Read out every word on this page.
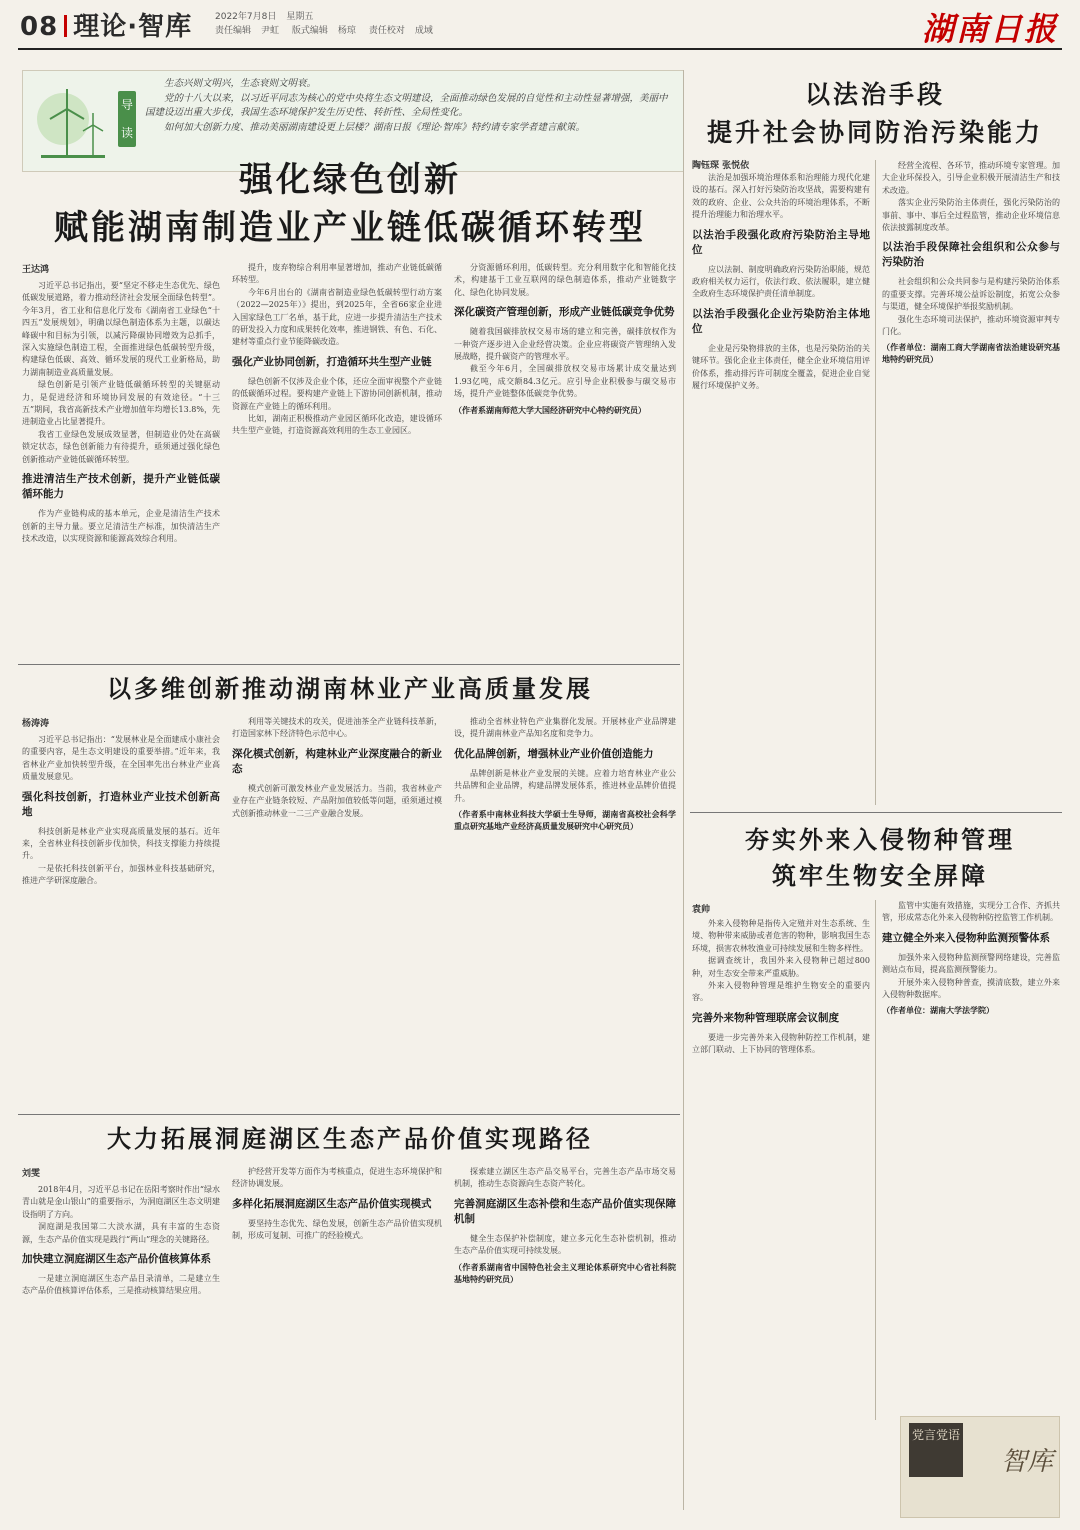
08 理论·智库	2022年7月8日 星期五
责任编辑 尹虹 版式编辑 杨琼 责任校对 成域	湖南日报
导读

生态兴则文明兴，生态衰则文明衰。

党的十八大以来，以习近平同志为核心的党中央将生态文明建设，全面推动绿色发展的自觉性和主动性显著增强，美丽中国建设迈出重大步伐，我国生态环境保护发生历史性、转折性、全局性变化。

如何加大创新力度、推动美丽湖南建设更上层楼？湖南日报《理论·智库》特约请专家学者建言献策。

以法治手段
提升社会协同防治污染能力
陶钰琛 张悦依

法治是加强环境治理体系和治理能力现代化建设的基石。深入打好污染防治攻坚战，需要构建有效的政府、企业、公众共治的环境治理体系，不断提升治理能力和治理水平。

以法治手段强化政府污染防治主导地位

应以法制、制度明确政府污染防治职能，规范政府相关权力运行，依法行政、依法履职，建立健全政府生态环境保护责任清单制度。

以法治手段强化企业污染防治主体地位

企业是污染物排放的主体，也是污染防治的关键环节。强化企业主体责任，健全企业环境信用评价体系，推动排污许可制度全覆盖，促进企业自觉履行环境保护义务。

经营全流程、各环节，推动环境专家管理。加大企业环保投入，引导企业积极开展清洁生产和技术改造。

落实企业污染防治主体责任，强化污染防治的事前、事中、事后全过程监管，推动企业环境信息依法披露制度改革。

以法治手段保障社会组织和公众参与污染防治

社会组织和公众共同参与是构建污染防治体系的重要支撑。完善环境公益诉讼制度，拓宽公众参与渠道，健全环境保护举报奖励机制。

强化生态环境司法保护，推动环境资源审判专门化。

（作者单位：湖南工商大学湖南省法治建设研究基地特约研究员）
强化绿色创新
赋能湖南制造业产业链低碳循环转型
王达鸿

习近平总书记指出，要“坚定不移走生态优先、绿色低碳发展道路，着力推动经济社会发展全面绿色转型”。今年3月，省工业和信息化厅发布《湖南省工业绿色“十四五”发展规划》，明确以绿色制造体系为主题，以碳达峰碳中和目标为引领，以减污降碳协同增效为总抓手，深入实施绿色制造工程，全面推进绿色低碳转型升级，构建绿色低碳、高效、循环发展的现代工业新格局，助力湖南制造业高质量发展。

绿色创新是引领产业链低碳循环转型的关键驱动力，是促进经济和环境协同发展的有效途径。“十三五”期间，我省高新技术产业增加值年均增长13.8%，先进制造业占比显著提升。

我省工业绿色发展成效显著，但制造业仍处在高碳锁定状态，绿色创新能力有待提升，亟须通过强化绿色创新推动产业链低碳循环转型。

推进清洁生产技术创新，提升产业链低碳循环能力

作为产业链构成的基本单元，企业是清洁生产技术创新的主导力量。要立足清洁生产标准，加快清洁生产技术改造，以实现资源和能源高效综合利用。

提升，废弃物综合利用率显著增加，推动产业链低碳循环转型。

今年6月出台的《湖南省制造业绿色低碳转型行动方案（2022—2025年）》提出，到2025年，全省66家企业进入国家绿色工厂名单，基于此，应进一步提升清洁生产技术的研发投入力度和成果转化效率，推进钢铁、有色、石化、建材等重点行业节能降碳改造。

强化产业协同创新，打造循环共生型产业链

绿色创新不仅涉及企业个体，还应全面审视整个产业链的低碳循环过程。要构建产业链上下游协同创新机制，推动资源在产业链上的循环利用。

比如，湖南正积极推动产业园区循环化改造，建设循环共生型产业链，打造资源高效利用的生态工业园区。

分资源循环利用，低碳转型。充分利用数字化和智能化技术，构建基于工业互联网的绿色制造体系，推动产业链数字化、绿色化协同发展。

深化碳资产管理创新，形成产业链低碳竞争优势

随着我国碳排放权交易市场的建立和完善，碳排放权作为一种资产逐步进入企业经营决策。企业应将碳资产管理纳入发展战略，提升碳资产的管理水平。

截至今年6月，全国碳排放权交易市场累计成交量达到1.93亿吨，成交额84.3亿元。应引导企业积极参与碳交易市场，提升产业链整体低碳竞争优势。

（作者系湖南师范大学大国经济研究中心特约研究员）
以多维创新推动湖南林业产业高质量发展
杨涛涛

习近平总书记指出：“发展林业是全面建成小康社会的重要内容，是生态文明建设的重要举措。”近年来，我省林业产业加快转型升级，在全国率先出台林业产业高质量发展意见。

强化科技创新，打造林业产业技术创新高地

科技创新是林业产业实现高质量发展的基石。近年来，全省林业科技创新步伐加快，科技支撑能力持续提升。

一是依托科技创新平台，加强林业科技基础研究，推进产学研深度融合。

利用等关键技术的攻关，促进油茶全产业链科技革新，打造国家林下经济特色示范中心。

深化模式创新，构建林业产业深度融合的新业态

模式创新可激发林业产业发展活力。当前，我省林业产业存在产业链条较短、产品附加值较低等问题，亟须通过模式创新推动林业一二三产业融合发展。

推动全省林业特色产业集群化发展。开展林业产业品牌建设，提升湖南林业产品知名度和竞争力。

优化品牌创新，增强林业产业价值创造能力

品牌创新是林业产业发展的关键。应着力培育林业产业公共品牌和企业品牌，构建品牌发展体系，推进林业品牌价值提升。

（作者系中南林业科技大学硕士生导师，湖南省高校社会科学重点研究基地产业经济高质量发展研究中心研究员）
大力拓展洞庭湖区生态产品价值实现路径
刘雯

2018年4月，习近平总书记在岳阳考察时作出“绿水青山就是金山银山”的重要指示，为洞庭湖区生态文明建设指明了方向。

洞庭湖是我国第二大淡水湖，具有丰富的生态资源，生态产品价值实现是践行“两山”理念的关键路径。

加快建立洞庭湖区生态产品价值核算体系

一是建立洞庭湖区生态产品目录清单，二是建立生态产品价值核算评估体系，三是推动核算结果应用。

护经营开发等方面作为考核重点，促进生态环境保护和经济协调发展。

多样化拓展洞庭湖区生态产品价值实现模式

要坚持生态优先、绿色发展，创新生态产品价值实现机制，形成可复制、可推广的经验模式。

探索建立湖区生态产品交易平台，完善生态产品市场交易机制，推动生态资源向生态资产转化。

完善洞庭湖区生态补偿和生态产品价值实现保障机制

健全生态保护补偿制度，建立多元化生态补偿机制，推动生态产品价值实现可持续发展。

（作者系湖南省中国特色社会主义理论体系研究中心省社科院基地特约研究员）
夯实外来入侵物种管理
筑牢生物安全屏障
袁帅

外来入侵物种是指传入定殖并对生态系统、生境、物种带来威胁或者危害的物种，影响我国生态环境，损害农林牧渔业可持续发展和生物多样性。

据调查统计，我国外来入侵物种已超过800种，对生态安全带来严重威胁。

外来入侵物种管理是维护生物安全的重要内容。

完善外来物种管理联席会议制度

要进一步完善外来入侵物种防控工作机制，建立部门联动、上下协同的管理体系。

监管中实施有效措施，实现分工合作、齐抓共管，形成常态化外来入侵物种防控监管工作机制。

建立健全外来入侵物种监测预警体系

加强外来入侵物种监测预警网络建设，完善监测站点布局，提高监测预警能力。

开展外来入侵物种普查，摸清底数，建立外来入侵物种数据库。

（作者单位：湖南大学法学院）
党言党语
智库
